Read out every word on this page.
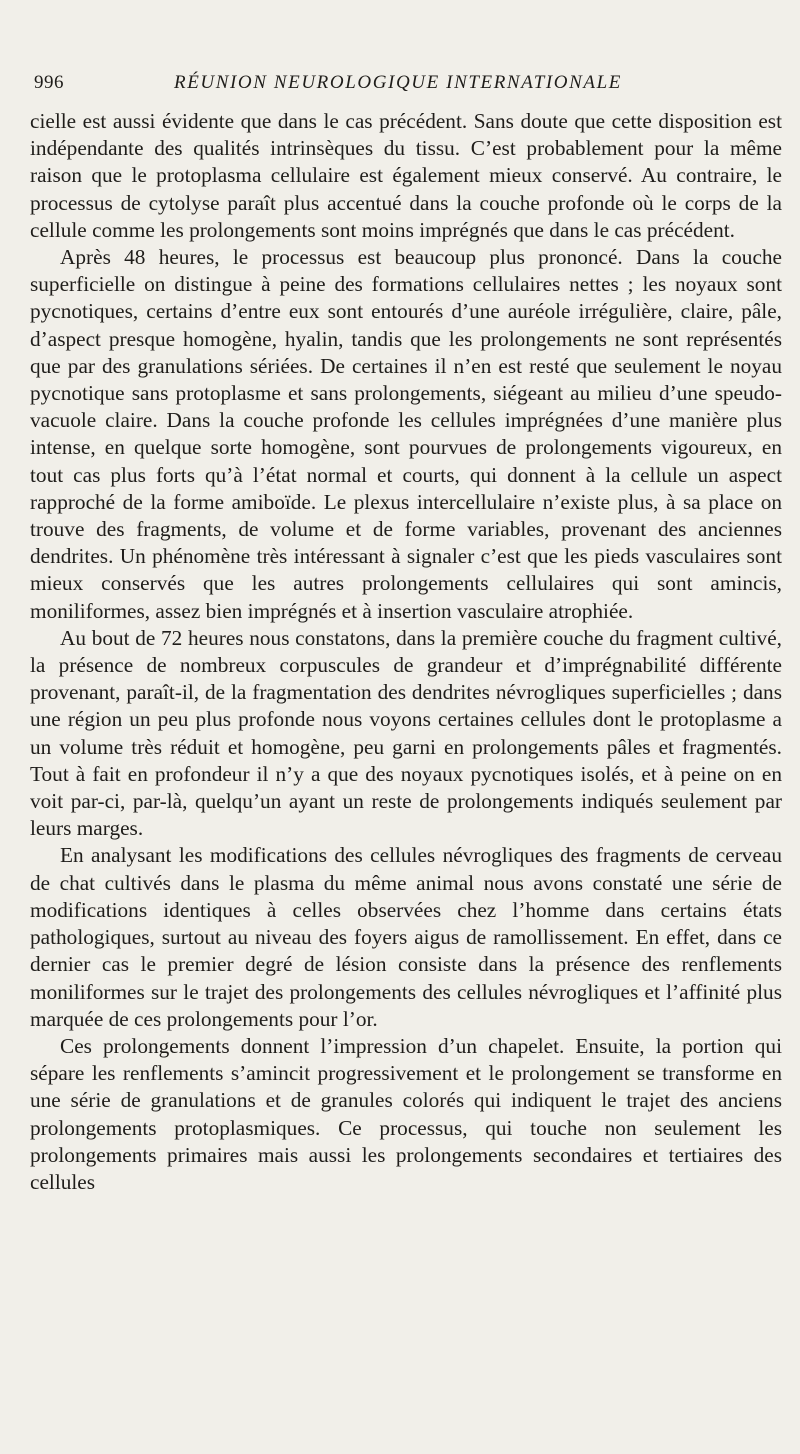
996	RÉUNION NEUROLOGIQUE INTERNATIONALE

cielle est aussi évidente que dans le cas précédent. Sans doute que cette disposition est indépendante des qualités intrinsèques du tissu. C’est probablement pour la même raison que le protoplasma cellulaire est également mieux conservé. Au contraire, le processus de cytolyse paraît plus accentué dans la couche profonde où le corps de la cellule comme les prolongements sont moins imprégnés que dans le cas précédent.

Après 48 heures, le processus est beaucoup plus prononcé. Dans la couche superficielle on distingue à peine des formations cellulaires nettes ; les noyaux sont pycnotiques, certains d’entre eux sont entourés d’une auréole irrégulière, claire, pâle, d’aspect presque homogène, hyalin, tandis que les prolongements ne sont représentés que par des granulations sériées. De certaines il n’en est resté que seulement le noyau pycnotique sans protoplasme et sans prolongements, siégeant au milieu d’une speudo-vacuole claire. Dans la couche profonde les cellules imprégnées d’une manière plus intense, en quelque sorte homogène, sont pourvues de prolongements vigoureux, en tout cas plus forts qu’à l’état normal et courts, qui donnent à la cellule un aspect rapproché de la forme amiboïde. Le plexus intercellulaire n’existe plus, à sa place on trouve des fragments, de volume et de forme variables, provenant des anciennes dendrites. Un phénomène très intéressant à signaler c’est que les pieds vasculaires sont mieux conservés que les autres prolongements cellulaires qui sont amincis, moniliformes, assez bien imprégnés et à insertion vasculaire atrophiée.

Au bout de 72 heures nous constatons, dans la première couche du fragment cultivé, la présence de nombreux corpuscules de grandeur et d’imprégnabilité différente provenant, paraît-il, de la fragmentation des dendrites névrogliques superficielles ; dans une région un peu plus profonde nous voyons certaines cellules dont le protoplasme a un volume très réduit et homogène, peu garni en prolongements pâles et fragmentés. Tout à fait en profondeur il n’y a que des noyaux pycnotiques isolés, et à peine on en voit par-ci, par-là, quelqu’un ayant un reste de prolongements indiqués seulement par leurs marges.

En analysant les modifications des cellules névrogliques des fragments de cerveau de chat cultivés dans le plasma du même animal nous avons constaté une série de modifications identiques à celles observées chez l’homme dans certains états pathologiques, surtout au niveau des foyers aigus de ramollissement. En effet, dans ce dernier cas le premier degré de lésion consiste dans la présence des renflements moniliformes sur le trajet des prolongements des cellules névrogliques et l’affinité plus marquée de ces prolongements pour l’or.

Ces prolongements donnent l’impression d’un chapelet. Ensuite, la portion qui sépare les renflements s’amincit progressivement et le prolongement se transforme en une série de granulations et de granules colorés qui indiquent le trajet des anciens prolongements protoplasmiques. Ce processus, qui touche non seulement les prolongements primaires mais aussi les prolongements secondaires et tertiaires des cellules
